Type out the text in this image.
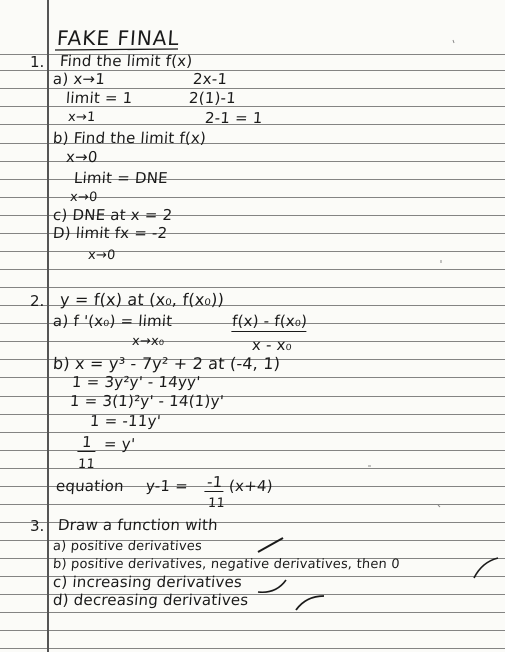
FAKE FINAL
1. Find the limit f(x)
a) x→1	2x-1
limit = 1	2(1)-1
x→1	2-1 = 1
b) Find the limit f(x)
x→0
Limit = DNE
x→0
c) DNE at x = 2
D) limit fx = -2
x→0
2. y = f(x) at (x₀, f(x₀))
a) f '(x₀) = limit	f(x) - f(x₀)
x→x₀	x - x₀
b) x = y³ - 7y² + 2 at (-4, 1)
1 = 3y²y' - 14yy'
1 = 3(1)²y' - 14(1)y'
1 = -11y'
1 = y'
11
equation y-1 = -1
11
(x+4)
3. Draw a function with
a) positive derivatives
b) positive derivatives, negative derivatives, then 0
c) increasing derivatives
d) decreasing derivatives
